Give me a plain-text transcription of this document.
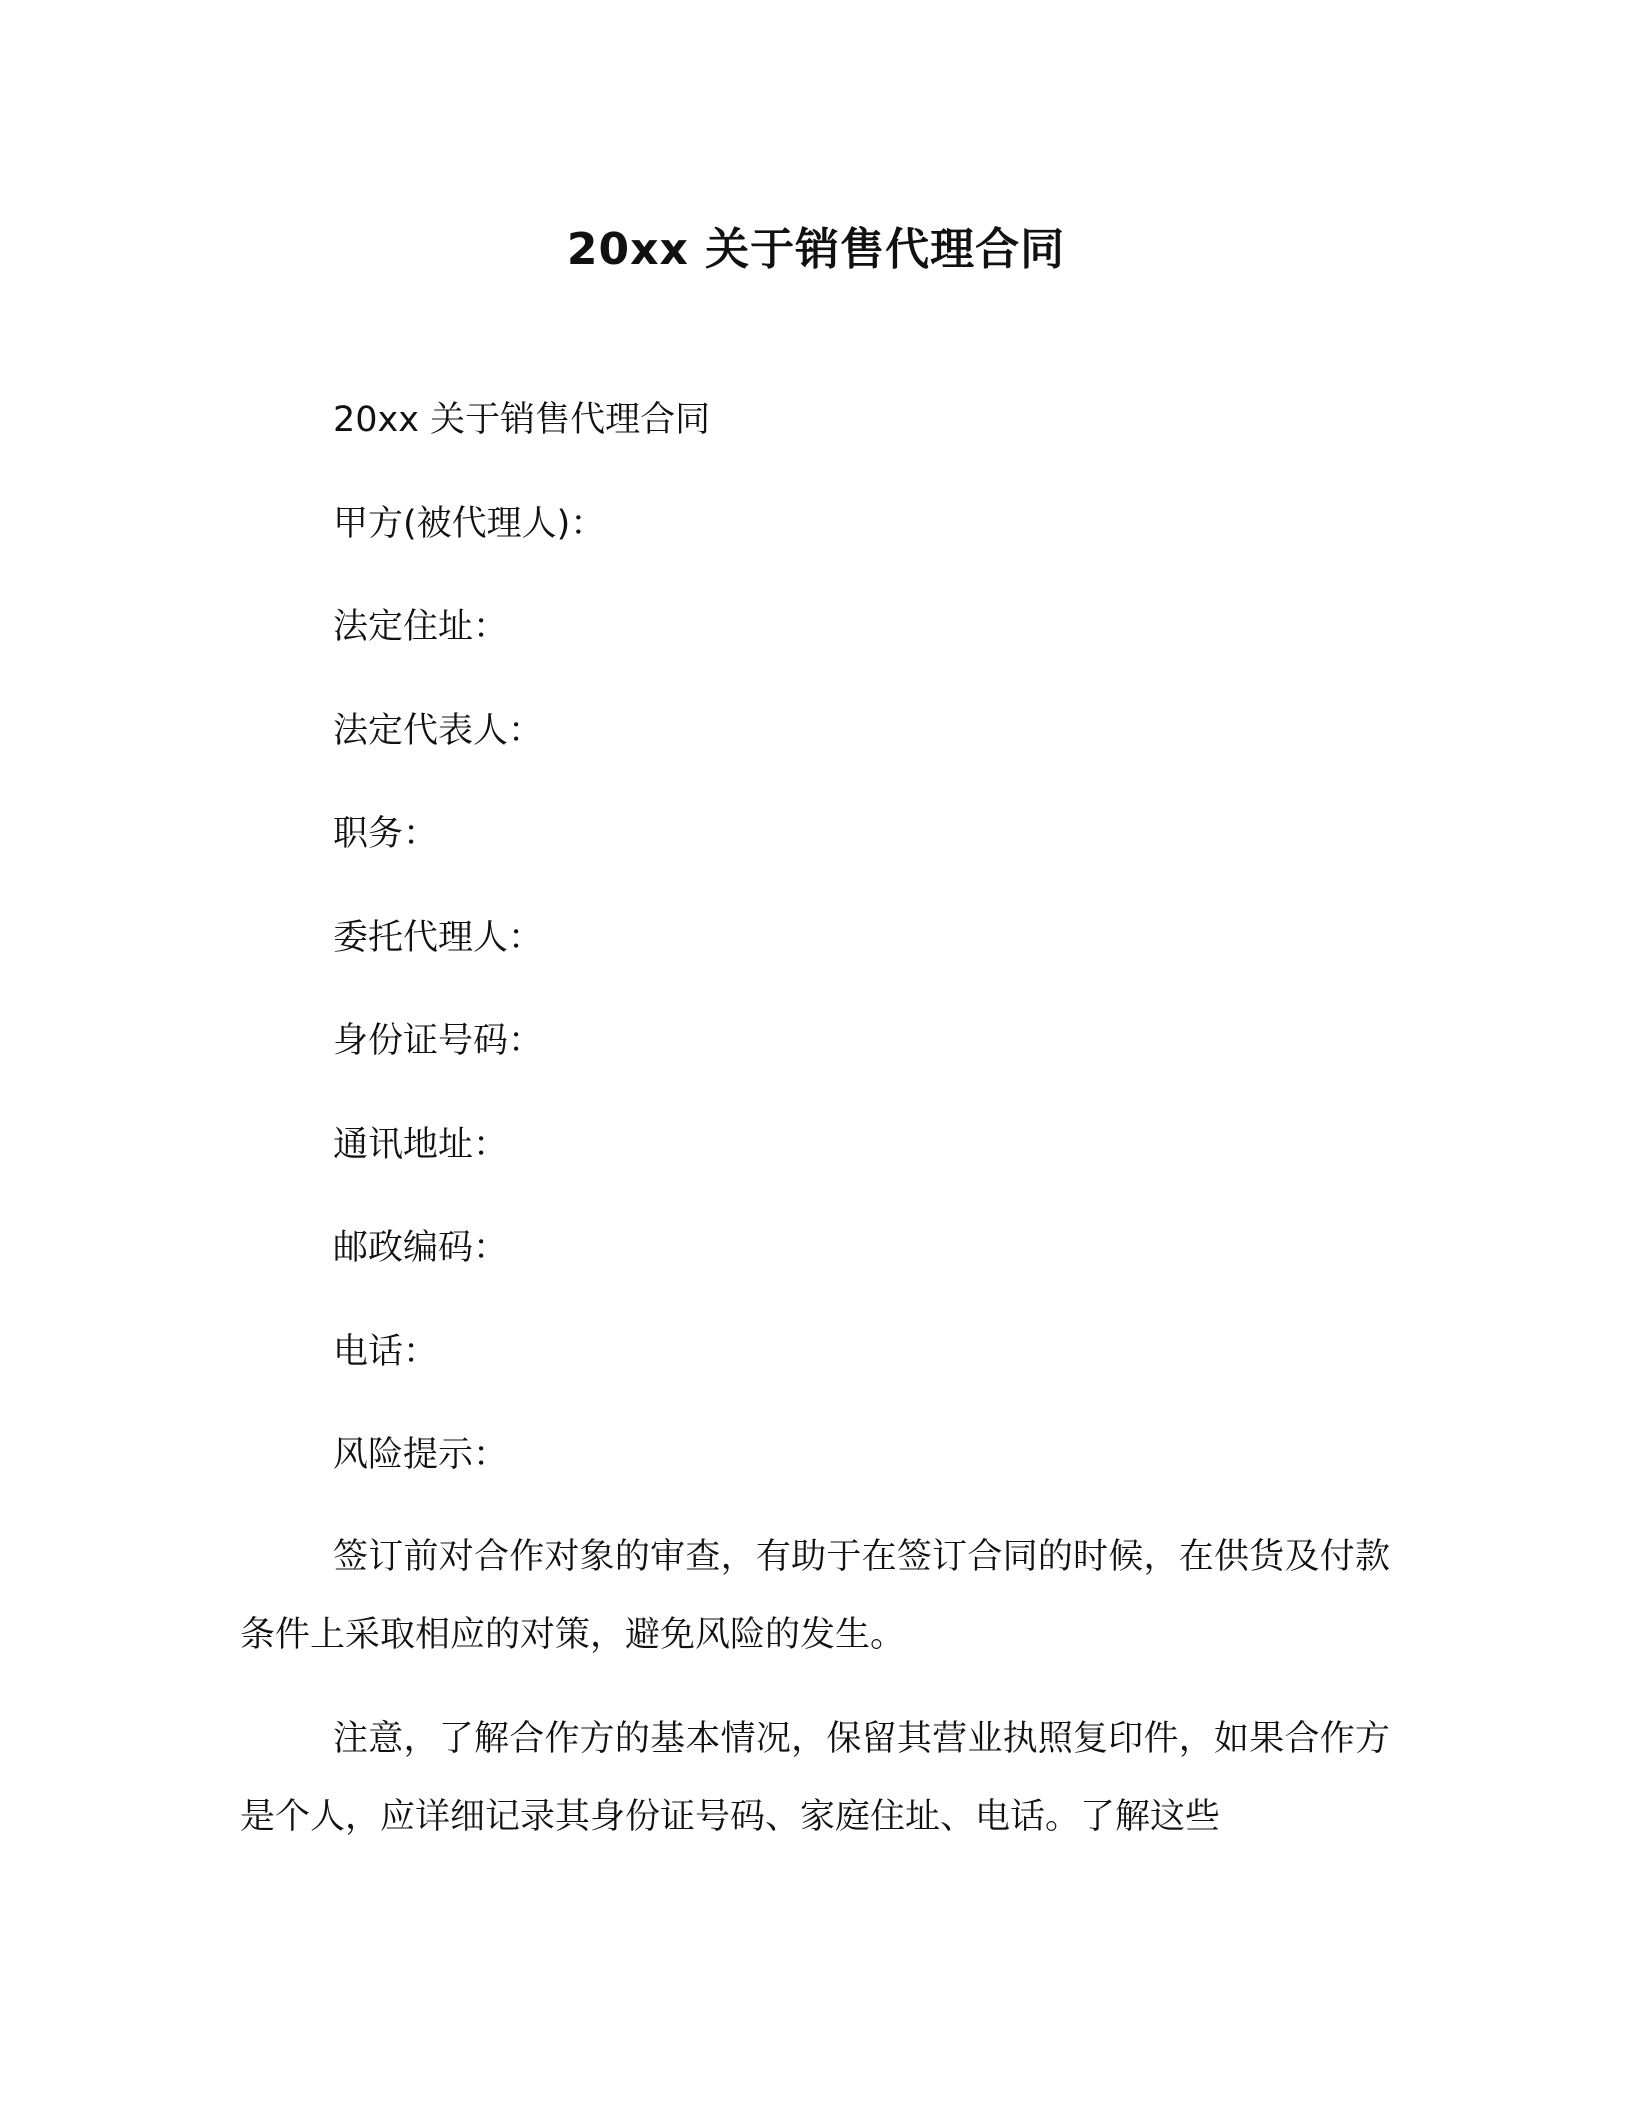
20xx 关于销售代理合同
20xx 关于销售代理合同
甲方(被代理人)：
法定住址：
法定代表人：
职务：
委托代理人：
身份证号码：
通讯地址：
邮政编码：
电话：
风险提示：
签订前对合作对象的审查，有助于在签订合同的时候，在供货及付款条件上采取相应的对策，避免风险的发生。
注意，了解合作方的基本情况，保留其营业执照复印件，如果合作方是个人，应详细记录其身份证号码、家庭住址、电话。了解这些
